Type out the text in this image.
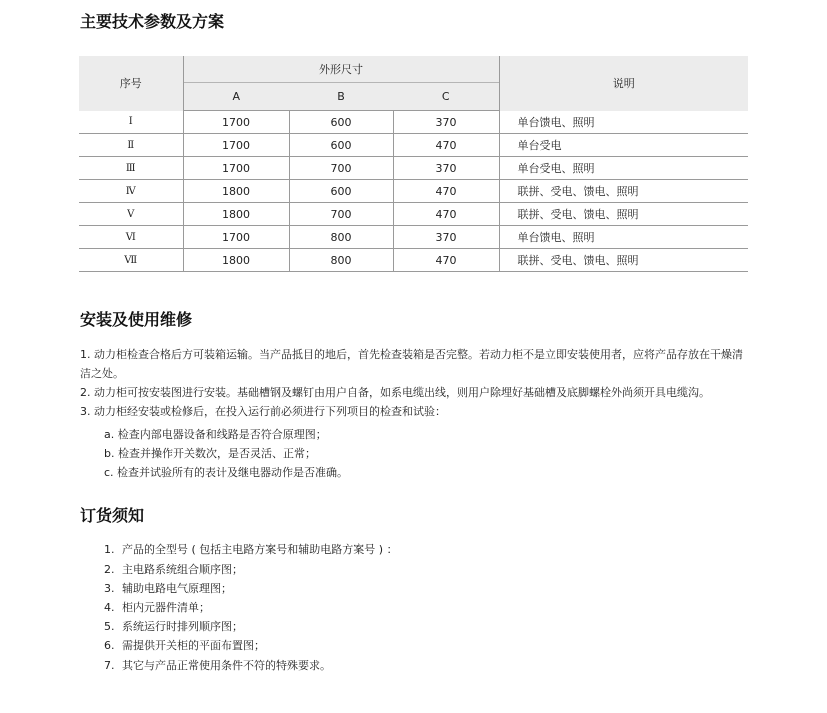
主要技术参数及方案
序号	外形尺寸			说明
	A	B	C	
Ⅰ	1700	600	370	单台馈电、照明
Ⅱ	1700	600	470	单台受电
Ⅲ	1700	700	370	单台受电、照明
Ⅳ	1800	600	470	联拼、受电、馈电、照明
Ⅴ	1800	700	470	联拼、受电、馈电、照明
Ⅵ	1700	800	370	单台馈电、照明
Ⅶ	1800	800	470	联拼、受电、馈电、照明
安装及使用维修

1. 动力柜检查合格后方可装箱运输。当产品抵目的地后，首先检查装箱是否完整。若动力柜不是立即安装使用者，应将产品存放在干燥清洁之处。

2. 动力柜可按安装图进行安装。基础槽钢及螺钉由用户自备，如系电缆出线，则用户除埋好基础槽及底脚螺栓外尚须开具电缆沟。

3. 动力柜经安装或检修后，在投入运行前必须进行下列项目的检查和试验：

a. 检查内部电器设备和线路是否符合原理图；

b. 检查并操作开关数次，是否灵活、正常；

c. 检查并试验所有的表计及继电器动作是否准确。

订货须知

1. 产品的全型号 ( 包括主电路方案号和辅助电路方案号 ) ：

2. 主电路系统组合顺序图；

3. 辅助电路电气原理图；

4. 柜内元器件清单；

5. 系统运行时排列顺序图；

6. 需提供开关柜的平面布置图；

7. 其它与产品正常使用条件不符的特殊要求。
